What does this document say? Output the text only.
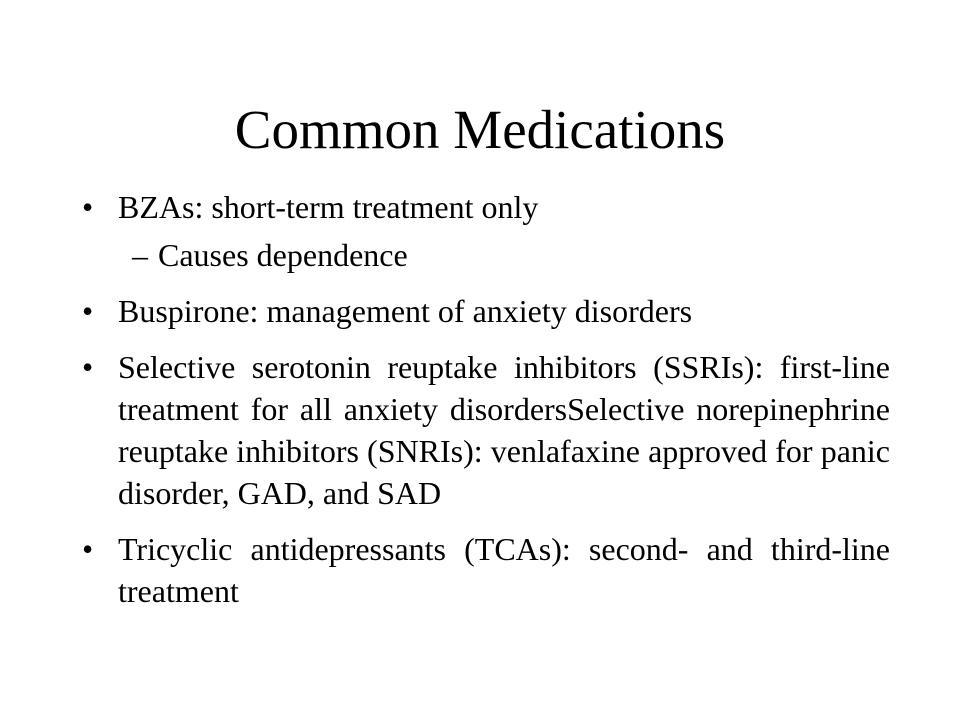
Common Medications
• BZAs: short-term treatment only
– Causes dependence
• Buspirone: management of anxiety disorders
• Selective serotonin reuptake inhibitors (SSRIs): first-line treatment for all anxiety disordersSelective norepinephrine reuptake inhibitors (SNRIs): venlafaxine approved for panic disorder, GAD, and SAD
• Tricyclic antidepressants (TCAs): second- and third-line treatment
